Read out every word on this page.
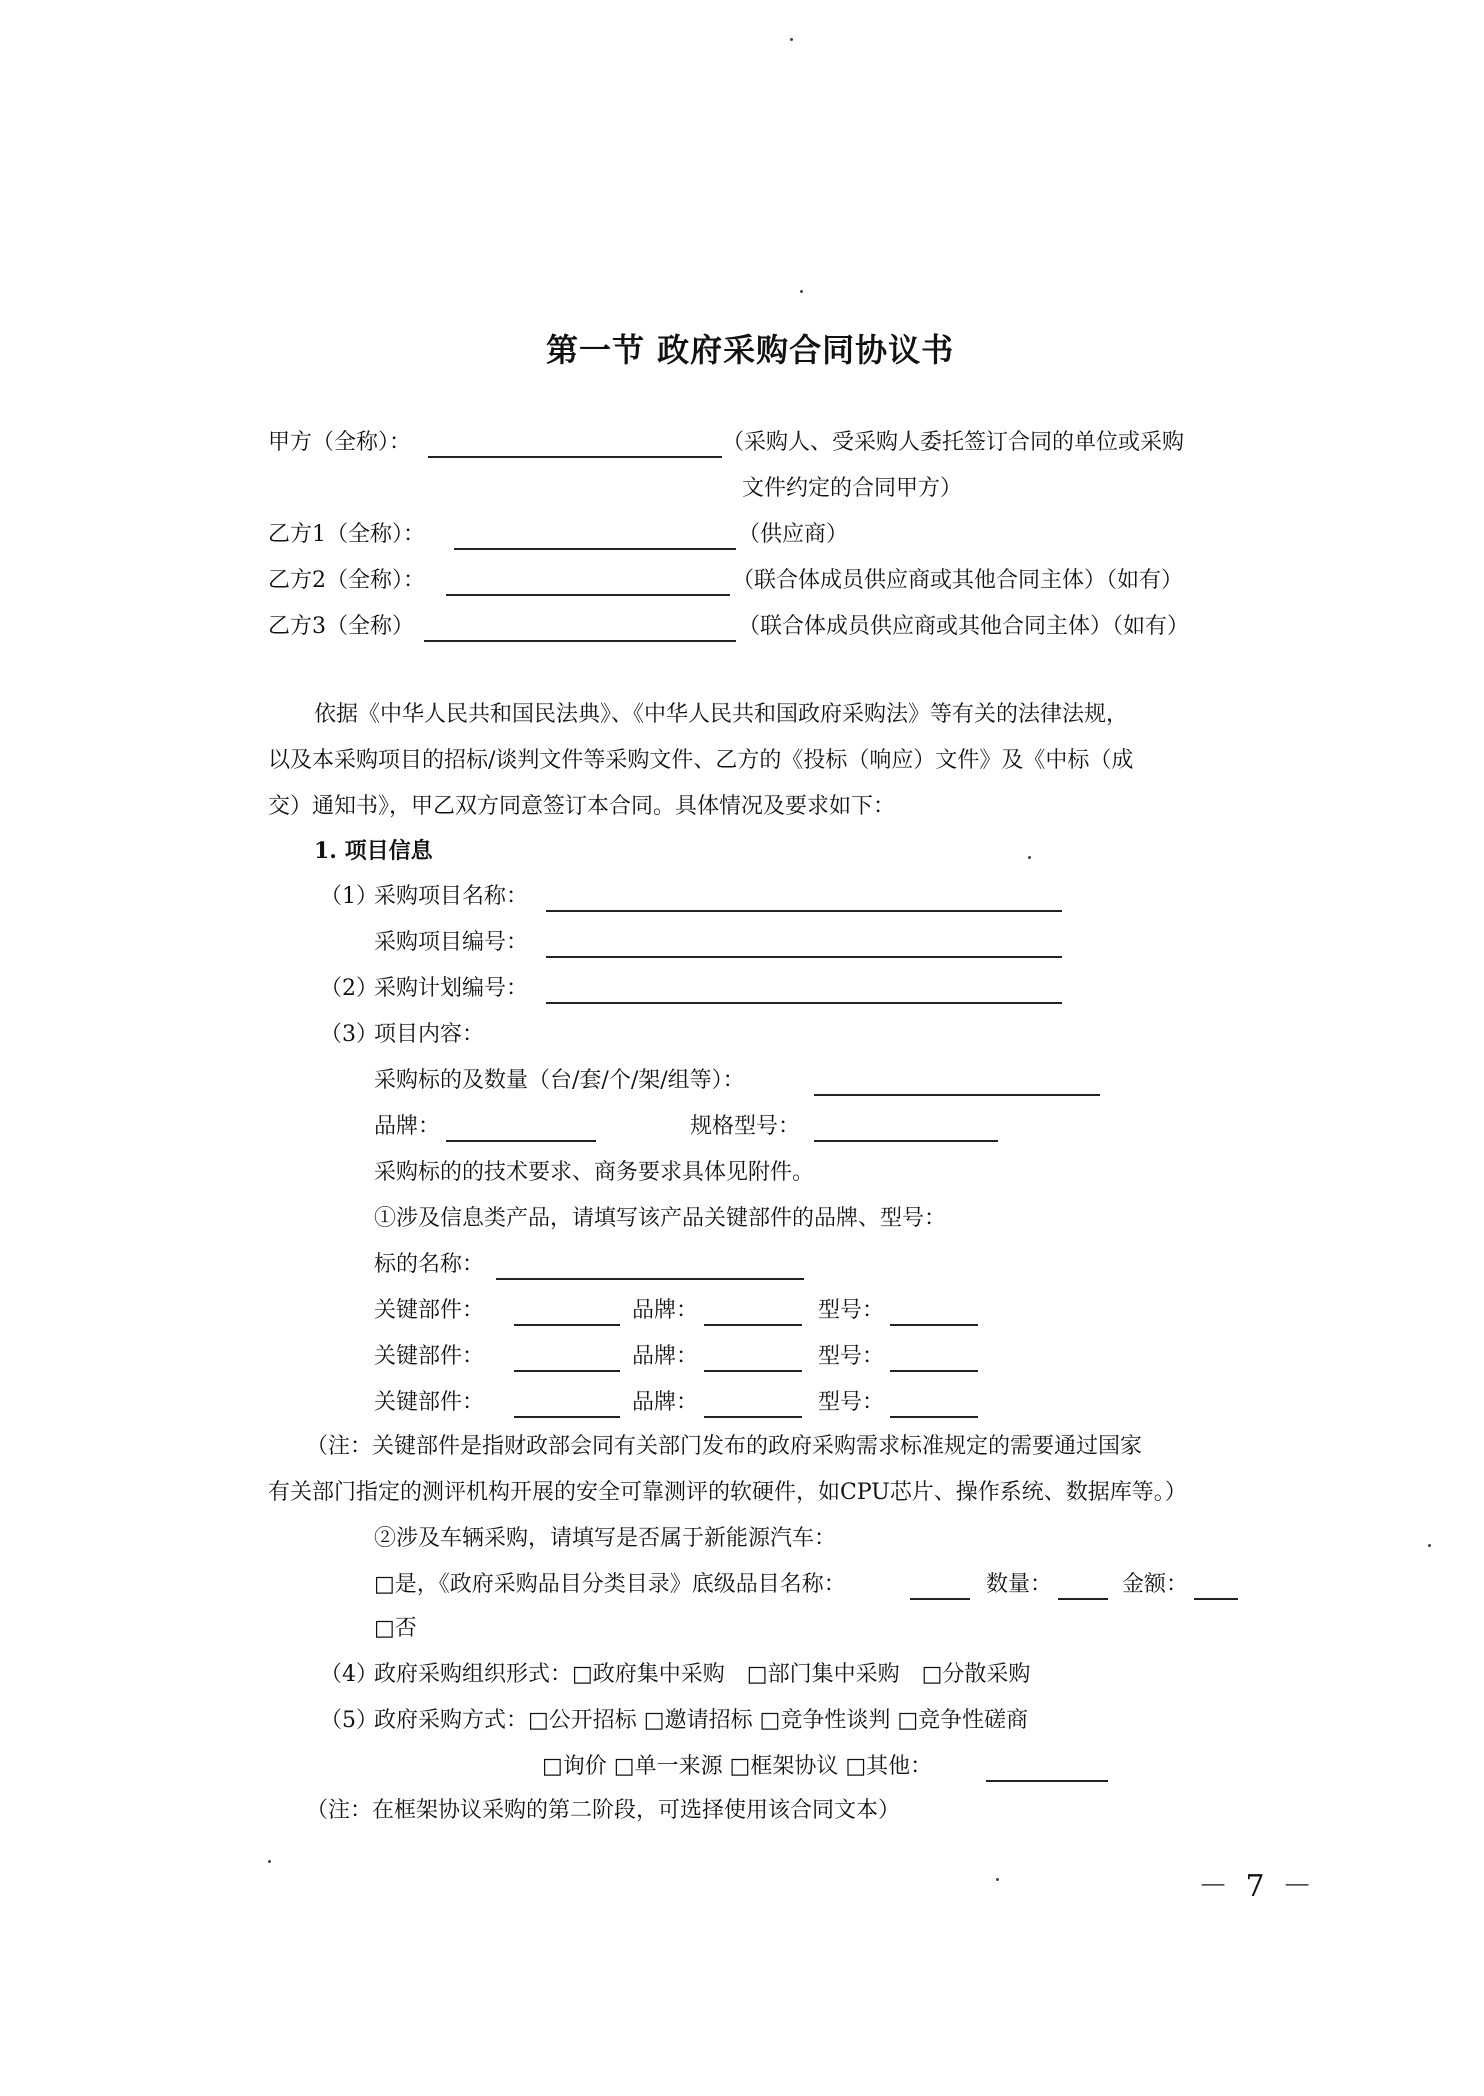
第一节 政府采购合同协议书
甲方（全称）：	（采购人、受采购人委托签订合同的单位或采购
文件约定的合同甲方）
乙方1（全称）：	（供应商）
乙方2（全称）：	（联合体成员供应商或其他合同主体）（如有）
乙方3（全称）	（联合体成员供应商或其他合同主体）（如有）
依据《中华人民共和国民法典》、《中华人民共和国政府采购法》等有关的法律法规，
以及本采购项目的招标/谈判文件等采购文件、乙方的《投标（响应）文件》及《中标（成
交）通知书》，甲乙双方同意签订本合同。具体情况及要求如下：
1. 项目信息
（1）
采购项目名称：
采购项目编号：
（2）
采购计划编号：
（3）
项目内容：
采购标的及数量（台/套/个/架/组等）：
品牌：	规格型号：
采购标的的技术要求、商务要求具体见附件。
①涉及信息类产品，请填写该产品关键部件的品牌、型号：
标的名称：
关键部件：	品牌：	型号：
关键部件：	品牌：	型号：
关键部件：	品牌：	型号：
（注：关键部件是指财政部会同有关部门发布的政府采购需求标准规定的需要通过国家
有关部门指定的测评机构开展的安全可靠测评的软硬件，如CPU芯片、操作系统、数据库等。）
②涉及车辆采购，请填写是否属于新能源汽车：
□是，《政府采购品目分类目录》底级品目名称：	数量：	金额：
□否
（4）
政府采购组织形式：□政府集中采购　□部门集中采购　□分散采购
（5）
政府采购方式：□公开招标 □邀请招标 □竞争性谈判 □竞争性磋商
□询价 □单一来源 □框架协议 □其他：
（注：在框架协议采购的第二阶段，可选择使用该合同文本）
－ 7 －
